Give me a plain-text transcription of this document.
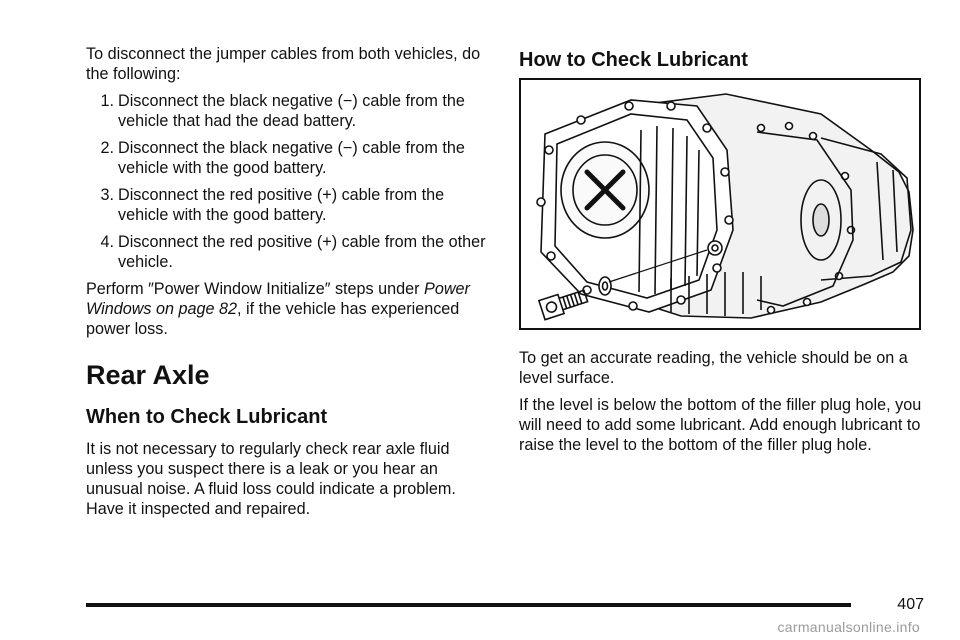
To disconnect the jumper cables from both vehicles, do the following:

1. Disconnect the black negative (−) cable from the vehicle that had the dead battery.
2. Disconnect the black negative (−) cable from the vehicle with the good battery.
3. Disconnect the red positive (+) cable from the vehicle with the good battery.
4. Disconnect the red positive (+) cable from the other vehicle.

Perform ″Power Window Initialize″ steps under Power Windows on page 82, if the vehicle has experienced power loss.

Rear Axle
When to Check Lubricant

It is not necessary to regularly check rear axle fluid unless you suspect there is a leak or you hear an unusual noise. A fluid loss could indicate a problem. Have it inspected and repaired.

How to Check Lubricant

To get an accurate reading, the vehicle should be on a level surface.

If the level is below the bottom of the filler plug hole, you will need to add some lubricant. Add enough lubricant to raise the level to the bottom of the filler plug hole.

407
carmanualsonline.info
